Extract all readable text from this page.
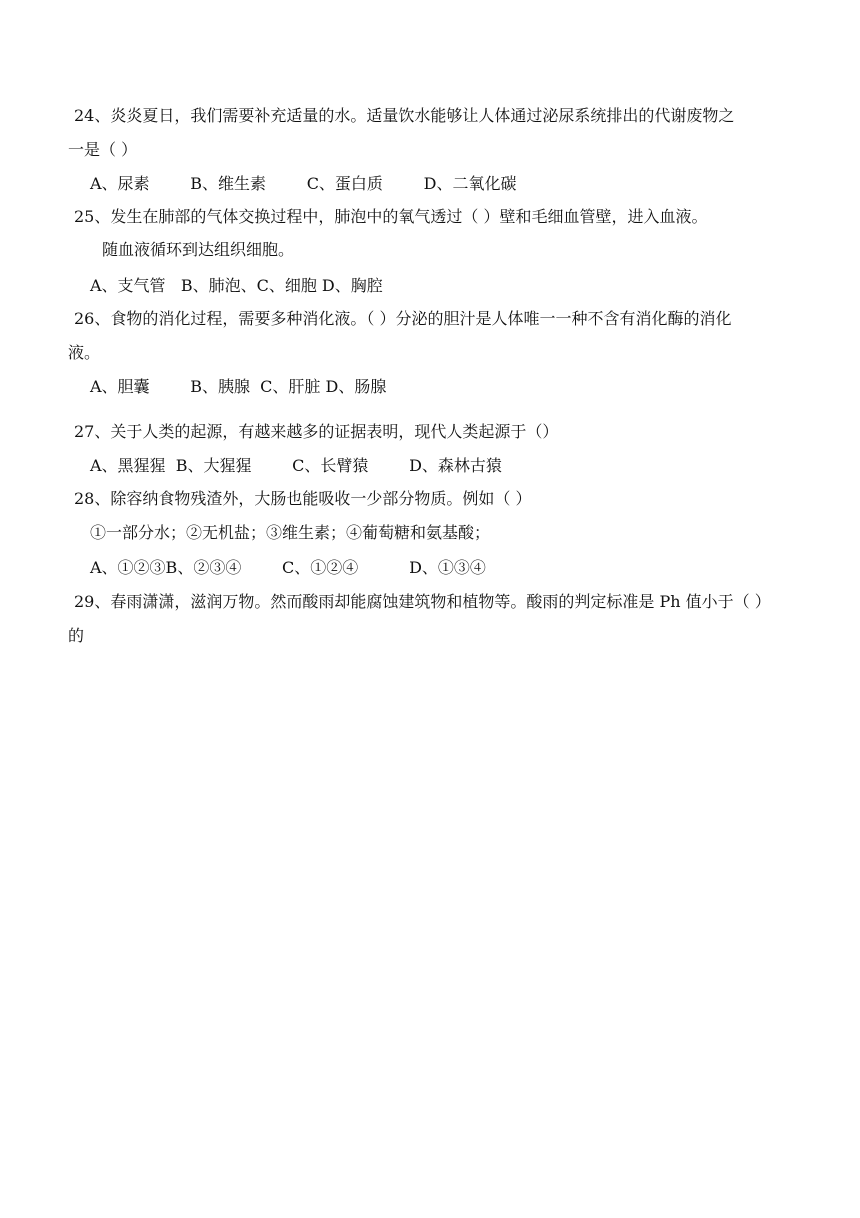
24、炎炎夏日，我们需要补充适量的水。适量饮水能够让人体通过泌尿系统排出的代谢废物之
一是（ ）
A、尿素        B、维生素        C、蛋白质        D、二氧化碳
25、发生在肺部的气体交换过程中，肺泡中的氧气透过（ ）壁和毛细血管壁，进入血液。
随血液循环到达组织细胞。
A、支气管   B、肺泡、C、细胞 D、胸腔
26、食物的消化过程，需要多种消化液。（ ）分泌的胆汁是人体唯一一种不含有消化酶的消化
液。
A、胆囊        B、胰腺  C、肝脏 D、肠腺
27、关于人类的起源，有越来越多的证据表明，现代人类起源于（）
A、黑猩猩  B、大猩猩        C、长臂猿        D、森林古猿
28、除容纳食物残渣外，大肠也能吸收一少部分物质。例如（ ）
①一部分水；②无机盐；③维生素；④葡萄糖和氨基酸；
A、①②③B、②③④        C、①②④          D、①③④
29、春雨潇潇，滋润万物。然而酸雨却能腐蚀建筑物和植物等。酸雨的判定标准是 Ph 值小于（ ）
的
